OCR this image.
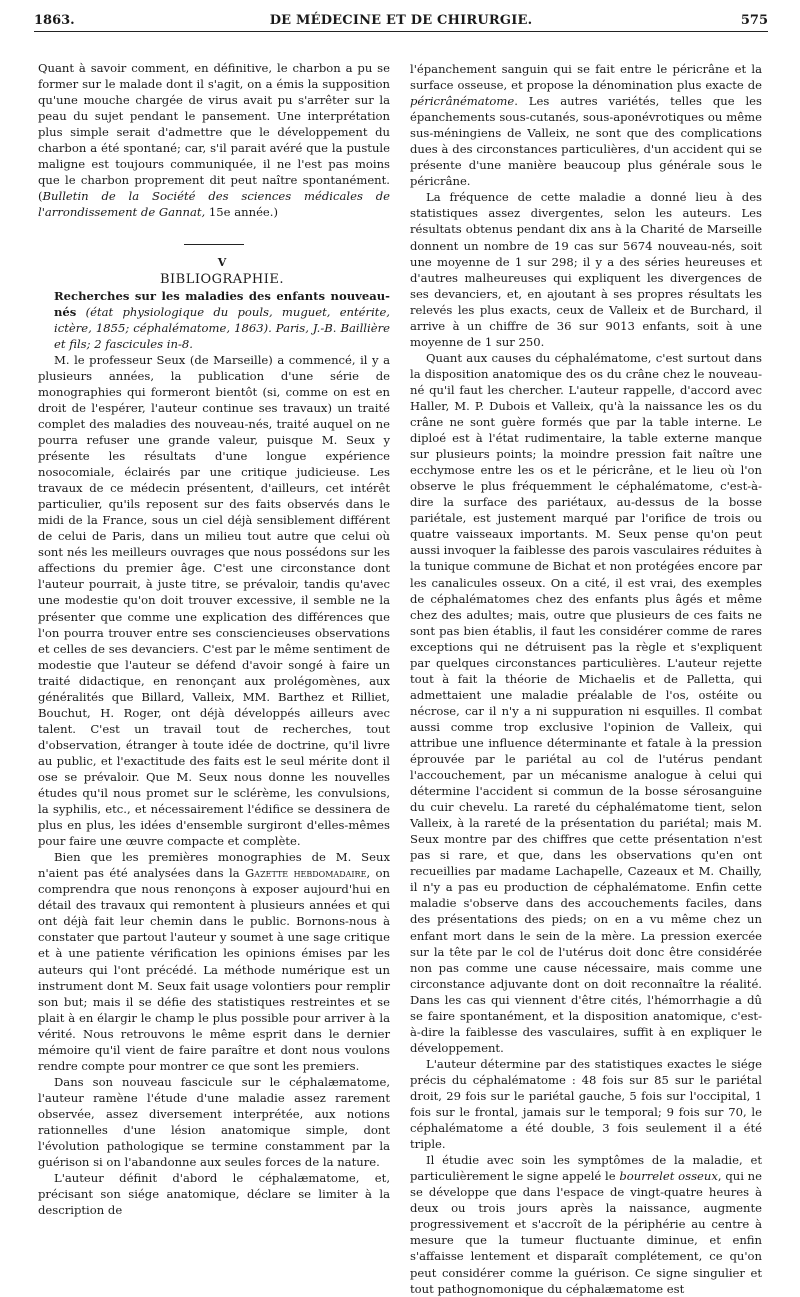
1863.	DE MÉDECINE ET DE CHIRURGIE.	575

Quant à savoir comment, en définitive, le charbon a pu se former sur le malade dont il s'agit, on a émis la supposition qu'une mouche chargée de virus avait pu s'arrêter sur la peau du sujet pendant le pansement. Une interprétation plus simple serait d'admettre que le développement du charbon a été spontané; car, s'il parait avéré que la pustule maligne est toujours communiquée, il ne l'est pas moins que le charbon proprement dit peut naître spontanément. (Bulletin de la Société des sciences médicales de l'arrondissement de Gannat, 15e année.)

V

BIBLIOGRAPHIE.

Recherches sur les maladies des enfants nouveau-nés (état physiologique du pouls, muguet, entérite, ictère, 1855; céphalématome, 1863). Paris, J.-B. Baillière et fils; 2 fascicules in-8.

M. le professeur Seux (de Marseille) a commencé, il y a plusieurs années, la publication d'une série de monographies qui formeront bientôt (si, comme on est en droit de l'espérer, l'auteur continue ses travaux) un traité complet des maladies des nouveau-nés, traité auquel on ne pourra refuser une grande valeur, puisque M. Seux y présente les résultats d'une longue expérience nosocomiale, éclairés par une critique judicieuse. Les travaux de ce médecin présentent, d'ailleurs, cet intérêt particulier, qu'ils reposent sur des faits observés dans le midi de la France, sous un ciel déjà sensiblement différent de celui de Paris, dans un milieu tout autre que celui où sont nés les meilleurs ouvrages que nous possédons sur les affections du premier âge. C'est une circonstance dont l'auteur pourrait, à juste titre, se prévaloir, tandis qu'avec une modestie qu'on doit trouver excessive, il semble ne la présenter que comme une explication des différences que l'on pourra trouver entre ses consciencieuses observations et celles de ses devanciers. C'est par le même sentiment de modestie que l'auteur se défend d'avoir songé à faire un traité didactique, en renonçant aux prolégomènes, aux généralités que Billard, Valleix, MM. Barthez et Rilliet, Bouchut, H. Roger, ont déjà développés ailleurs avec talent. C'est un travail tout de recherches, tout d'observation, étranger à toute idée de doctrine, qu'il livre au public, et l'exactitude des faits est le seul mérite dont il ose se prévaloir. Que M. Seux nous donne les nouvelles études qu'il nous promet sur le sclérème, les convulsions, la syphilis, etc., et nécessairement l'édifice se dessinera de plus en plus, les idées d'ensemble surgiront d'elles-mêmes pour faire une œuvre compacte et complète.

Bien que les premières monographies de M. Seux n'aient pas été analysées dans la Gazette hebdomadaire, on comprendra que nous renonçons à exposer aujourd'hui en détail des travaux qui remontent à plusieurs années et qui ont déjà fait leur chemin dans le public. Bornons-nous à constater que partout l'auteur y soumet à une sage critique et à une patiente vérification les opinions émises par les auteurs qui l'ont précédé. La méthode numérique est un instrument dont M. Seux fait usage volontiers pour remplir son but; mais il se défie des statistiques restreintes et se plait à en élargir le champ le plus possible pour arriver à la vérité. Nous retrouvons le même esprit dans le dernier mémoire qu'il vient de faire paraître et dont nous voulons rendre compte pour montrer ce que sont les premiers.

Dans son nouveau fascicule sur le céphalæmatome, l'auteur ramène l'étude d'une maladie assez rarement observée, assez diversement interprétée, aux notions rationnelles d'une lésion anatomique simple, dont l'évolution pathologique se termine constamment par la guérison si on l'abandonne aux seules forces de la nature.

L'auteur définit d'abord le céphalæmatome, et, précisant son siége anatomique, déclare se limiter à la description de

l'épanchement sanguin qui se fait entre le péricrâne et la surface osseuse, et propose la dénomination plus exacte de péricrânématome. Les autres variétés, telles que les épanchements sous-cutanés, sous-aponévrotiques ou même sus-méningiens de Valleix, ne sont que des complications dues à des circonstances particulières, d'un accident qui se présente d'une manière beaucoup plus générale sous le péricrâne.

La fréquence de cette maladie a donné lieu à des statistiques assez divergentes, selon les auteurs. Les résultats obtenus pendant dix ans à la Charité de Marseille donnent un nombre de 19 cas sur 5674 nouveau-nés, soit une moyenne de 1 sur 298; il y a des séries heureuses et d'autres malheureuses qui expliquent les divergences de ses devanciers, et, en ajoutant à ses propres résultats les relevés les plus exacts, ceux de Valleix et de Burchard, il arrive à un chiffre de 36 sur 9013 enfants, soit à une moyenne de 1 sur 250.

Quant aux causes du céphalématome, c'est surtout dans la disposition anatomique des os du crâne chez le nouveau-né qu'il faut les chercher. L'auteur rappelle, d'accord avec Haller, M. P. Dubois et Valleix, qu'à la naissance les os du crâne ne sont guère formés que par la table interne. Le diploé est à l'état rudimentaire, la table externe manque sur plusieurs points; la moindre pression fait naître une ecchymose entre les os et le péricrâne, et le lieu où l'on observe le plus fréquemment le céphalématome, c'est-à-dire la surface des pariétaux, au-dessus de la bosse pariétale, est justement marqué par l'orifice de trois ou quatre vaisseaux importants. M. Seux pense qu'on peut aussi invoquer la faiblesse des parois vasculaires réduites à la tunique commune de Bichat et non protégées encore par les canalicules osseux. On a cité, il est vrai, des exemples de céphalématomes chez des enfants plus âgés et même chez des adultes; mais, outre que plusieurs de ces faits ne sont pas bien établis, il faut les considérer comme de rares exceptions qui ne détruisent pas la règle et s'expliquent par quelques circonstances particulières. L'auteur rejette tout à fait la théorie de Michaelis et de Palletta, qui admettaient une maladie préalable de l'os, ostéite ou nécrose, car il n'y a ni suppuration ni esquilles. Il combat aussi comme trop exclusive l'opinion de Valleix, qui attribue une influence déterminante et fatale à la pression éprouvée par le pariétal au col de l'utérus pendant l'accouchement, par un mécanisme analogue à celui qui détermine l'accident si commun de la bosse sérosanguine du cuir chevelu. La rareté du céphalématome tient, selon Valleix, à la rareté de la présentation du pariétal; mais M. Seux montre par des chiffres que cette présentation n'est pas si rare, et que, dans les observations qu'en ont recueillies par madame Lachapelle, Cazeaux et M. Chailly, il n'y a pas eu production de céphalématome. Enfin cette maladie s'observe dans des accouchements faciles, dans des présentations des pieds; on en a vu même chez un enfant mort dans le sein de la mère. La pression exercée sur la tête par le col de l'utérus doit donc être considérée non pas comme une cause nécessaire, mais comme une circonstance adjuvante dont on doit reconnaître la réalité. Dans les cas qui viennent d'être cités, l'hémorrhagie a dû se faire spontanément, et la disposition anatomique, c'est-à-dire la faiblesse des vasculaires, suffit à en expliquer le développement.

L'auteur détermine par des statistiques exactes le siége précis du céphalématome : 48 fois sur 85 sur le pariétal droit, 29 fois sur le pariétal gauche, 5 fois sur l'occipital, 1 fois sur le frontal, jamais sur le temporal; 9 fois sur 70, le céphalématome a été double, 3 fois seulement il a été triple.

Il étudie avec soin les symptômes de la maladie, et particulièrement le signe appelé le bourrelet osseux, qui ne se développe que dans l'espace de vingt-quatre heures à deux ou trois jours après la naissance, augmente progressivement et s'accroît de la périphérie au centre à mesure que la tumeur fluctuante diminue, et enfin s'affaisse lentement et disparaît complétement, ce qu'on peut considérer comme la guérison. Ce signe singulier et tout pathognomonique du céphalæmatome est
